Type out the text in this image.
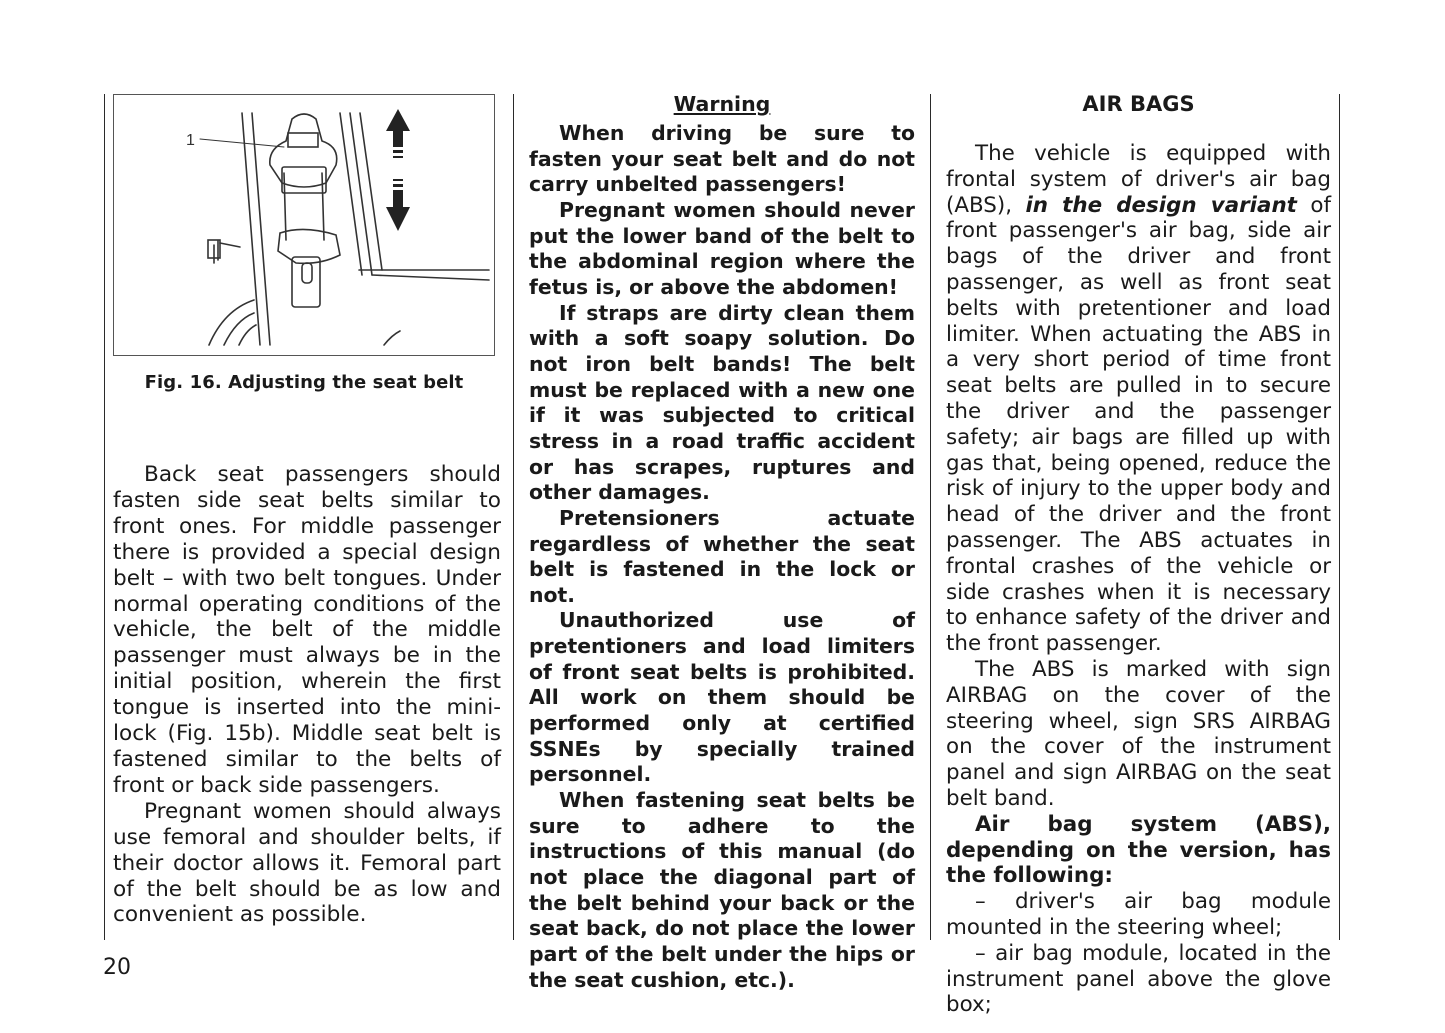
1
Fig. 16. Adjusting the seat belt

Back seat passengers should fasten side seat belts similar to front ones. For middle passenger there is provided a special design belt – with two belt tongues. Under normal operating conditions of the vehicle, the belt of the middle passenger must always be in the initial position, wherein the first tongue is inserted into the mini-lock (Fig. 15b). Middle seat belt is fastened similar to the belts of front or back side passengers.

Pregnant women should always use femoral and shoulder belts, if their doctor allows it. Femoral part of the belt should be as low and convenient as possible.

Warning

When driving be sure to fasten your seat belt and do not carry unbelted passengers!

Pregnant women should never put the lower band of the belt to the abdominal region where the fetus is, or above the abdomen!

If straps are dirty clean them with a soft soapy solution. Do not iron belt bands! The belt must be replaced with a new one if it was subjected to critical stress in a road traffic accident or has scrapes, ruptures and other damages.

Pretensioners actuate regardless of whether the seat belt is fastened in the lock or not.

Unauthorized use of pretentioners and load limiters of front seat belts is prohibited. All work on them should be performed only at certified SSNEs by specially trained personnel.

When fastening seat belts be sure to adhere to the instructions of this manual (do not place the diagonal part of the belt behind your back or the seat back, do not place the lower part of the belt under the hips or the seat cushion, etc.).

AIR BAGS

The vehicle is equipped with frontal system of driver's air bag (ABS), in the design variant of front passenger's air bag, side air bags of the driver and front passenger, as well as front seat belts with pretentioner and load limiter. When actuating the ABS in a very short period of time front seat belts are pulled in to secure the driver and the passenger safety; air bags are filled up with gas that, being opened, reduce the risk of injury to the upper body and head of the driver and the front passenger. The ABS actuates in frontal crashes of the vehicle or side crashes when it is necessary to enhance safety of the driver and the front passenger.

The ABS is marked with sign AIRBAG on the cover of the steering wheel, sign SRS AIRBAG on the cover of the instrument panel and sign AIRBAG on the seat belt band.

Air bag system (ABS), depending on the version, has the following:

– driver's air bag module mounted in the steering wheel;

– air bag module, located in the instrument panel above the glove box;

20
